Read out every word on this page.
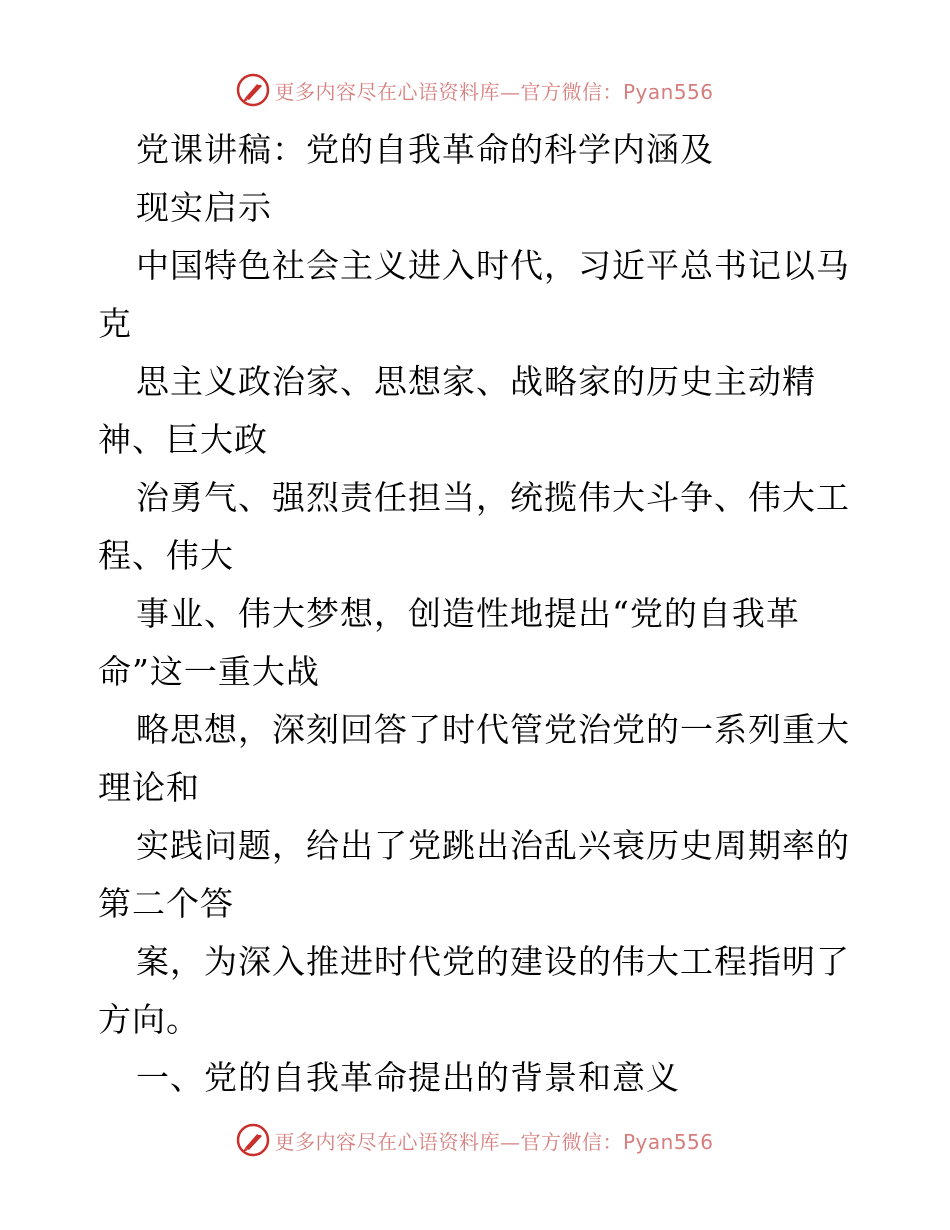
更多内容尽在心语资料库—官方微信：Pyan556
党课讲稿：党的自我革命的科学内涵及
现实启示
中国特色社会主义进入时代，习近平总书记以马
克
思主义政治家、思想家、战略家的历史主动精
神、巨大政
治勇气、强烈责任担当，统揽伟大斗争、伟大工
程、伟大
事业、伟大梦想，创造性地提出“党的自我革
命”这一重大战
略思想，深刻回答了时代管党治党的一系列重大
理论和
实践问题，给出了党跳出治乱兴衰历史周期率的
第二个答
案，为深入推进时代党的建设的伟大工程指明了
方向。
一、党的自我革命提出的背景和意义
更多内容尽在心语资料库—官方微信：Pyan556
